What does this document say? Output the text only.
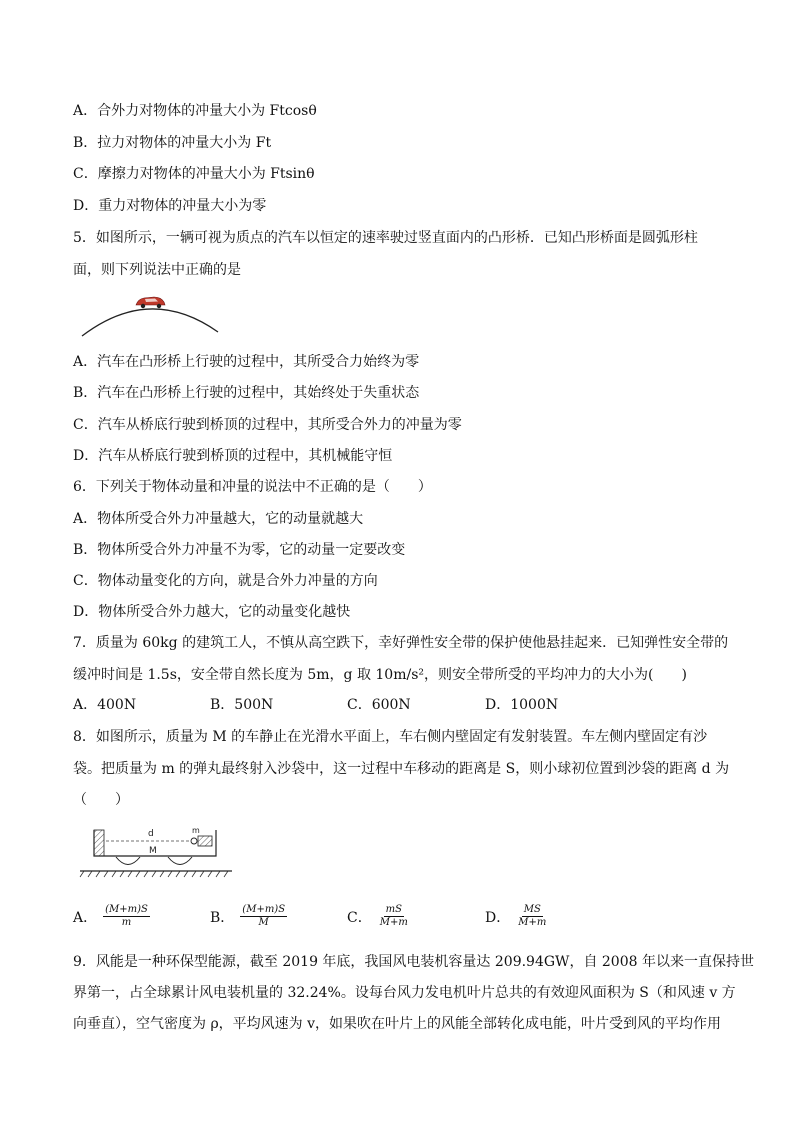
A．合外力对物体的冲量大小为 Ftcosθ
B．拉力对物体的冲量大小为 Ft
C．摩擦力对物体的冲量大小为 Ftsinθ
D．重力对物体的冲量大小为零
5．如图所示，一辆可视为质点的汽车以恒定的速率驶过竖直面内的凸形桥．已知凸形桥面是圆弧形柱
面，则下列说法中正确的是
A．汽车在凸形桥上行驶的过程中，其所受合力始终为零
B．汽车在凸形桥上行驶的过程中，其始终处于失重状态
C．汽车从桥底行驶到桥顶的过程中，其所受合外力的冲量为零
D．汽车从桥底行驶到桥顶的过程中，其机械能守恒
6．下列关于物体动量和冲量的说法中不正确的是（　　）
A．物体所受合外力冲量越大，它的动量就越大
B．物体所受合外力冲量不为零，它的动量一定要改变
C．物体动量变化的方向，就是合外力冲量的方向
D．物体所受合外力越大，它的动量变化越快
7．质量为 60kg 的建筑工人，不慎从高空跌下，幸好弹性安全带的保护使他悬挂起来．已知弹性安全带的
缓冲时间是 1.5s，安全带自然长度为 5m，g 取 10m/s²，则安全带所受的平均冲力的大小为(　　)
A．400N	B．500N	C．600N	D．1000N
8．如图所示，质量为 M 的车静止在光滑水平面上，车右侧内壁固定有发射装置。车左侧内壁固定有沙
袋。把质量为 m 的弹丸最终射入沙袋中，这一过程中车移动的距离是 S，则小球初位置到沙袋的距离 d 为
（　　）
d	m
M
A． $\frac{(M+m)S}{m}$	B． $\frac{(M+m)S}{M}$	C． $\frac{mS}{M+m}$	D． $\frac{MS}{M+m}$
9．风能是一种环保型能源，截至 2019 年底，我国风电装机容量达 209.94GW，自 2008 年以来一直保持世
界第一，占全球累计风电装机量的 32.24%。设每台风力发电机叶片总共的有效迎风面积为 S（和风速 v 方
向垂直），空气密度为 ρ，平均风速为 v，如果吹在叶片上的风能全部转化成电能，叶片受到风的平均作用
